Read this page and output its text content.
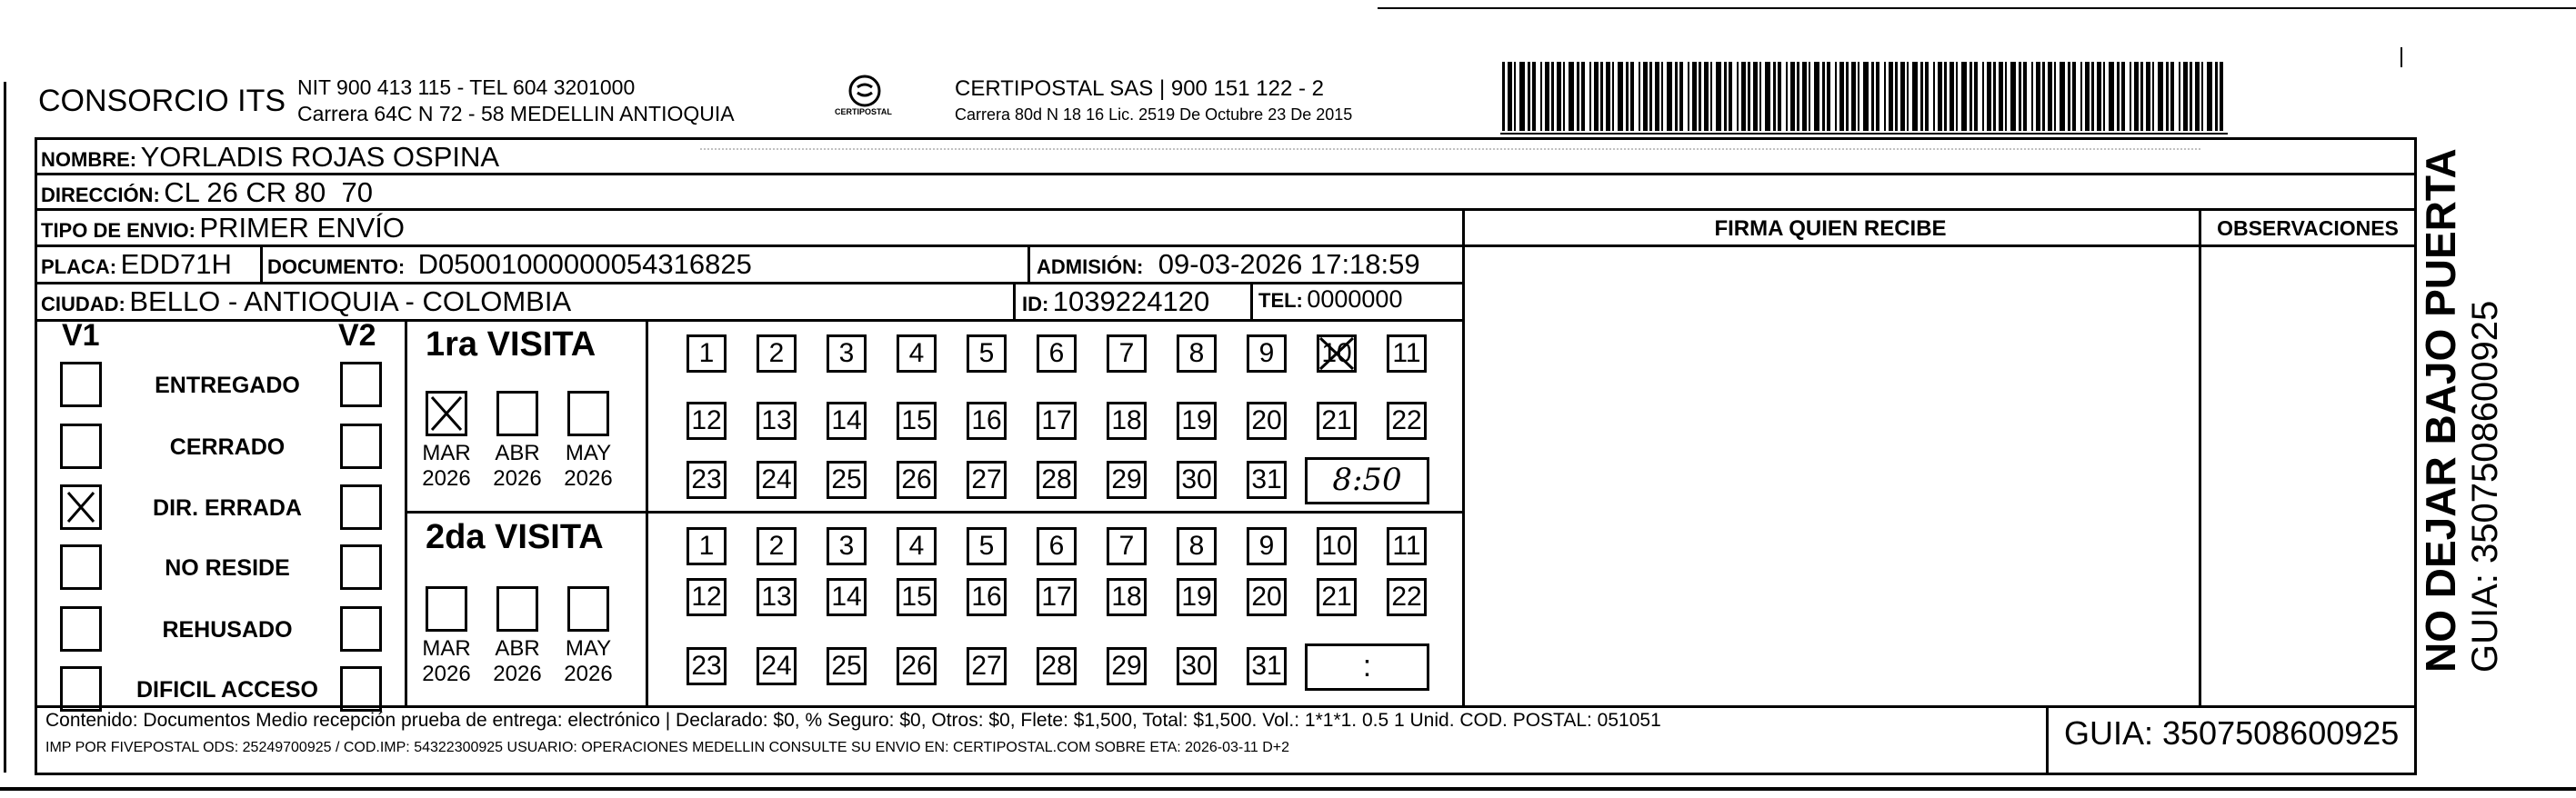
CONSORCIO ITS NIT 900 413 115 - TEL 604 3201000
Carrera 64C N 72 - 58 MEDELLIN ANTIOQUIA	CERTIPOSTAL
CERTIPOSTAL SAS | 900 151 122 - 2
Carrera 80d N 18 16 Lic. 2519 De Octubre 23 De 2015
NOMBRE: YORLADIS ROJAS OSPINA
DIRECCIÓN: CL 26 CR 80  70
TIPO DE ENVIO: PRIMER ENVÍO	FIRMA QUIEN RECIBE	OBSERVACIONES
PLACA: EDD71H DOCUMENTO: D05001000000054316825	ADMISIÓN: 09-03-2026 17:18:59
CIUDAD: BELLO - ANTIOQUIA - COLOMBIA	ID: 1039224120 TEL: 0000000
V1	V2
ENTREGADO
CERRADO
DIR. ERRADA
NO RESIDE
REHUSADO
DIFICIL ACCESO
1ra VISITA
2da VISITA
MAR
2026
ABR
2026
MAY
2026
MAR
2026
ABR
2026
MAY
2026
1	2	3	4	5	6	7	8	9	10 11
12 13 14 15 16 17 18 19 20 21 22
23 24 25 26 27 28 29 30 31	8:50
1	2	3	4	5	6	7	8	9	10 11
12 13 14 15 16 17 18 19 20 21 22
23 24 25 26 27 28 29 30 31	:	NO DEJAR BAJO PUERTA GUIA: 3507508600925
Contenido: Documentos Medio recepción prueba de entrega: electrónico | Declarado: $0, % Seguro: $0, Otros: $0, Flete: $1,500, Total: $1,500. Vol.: 1*1*1. 0.5 1 Unid. COD. POSTAL: 051051
IMP POR FIVEPOSTAL ODS: 25249700925 / COD.IMP: 54322300925 USUARIO: OPERACIONES MEDELLIN CONSULTE SU ENVIO EN: CERTIPOSTAL.COM SOBRE ETA: 2026-03-11 D+2	GUIA: 3507508600925
